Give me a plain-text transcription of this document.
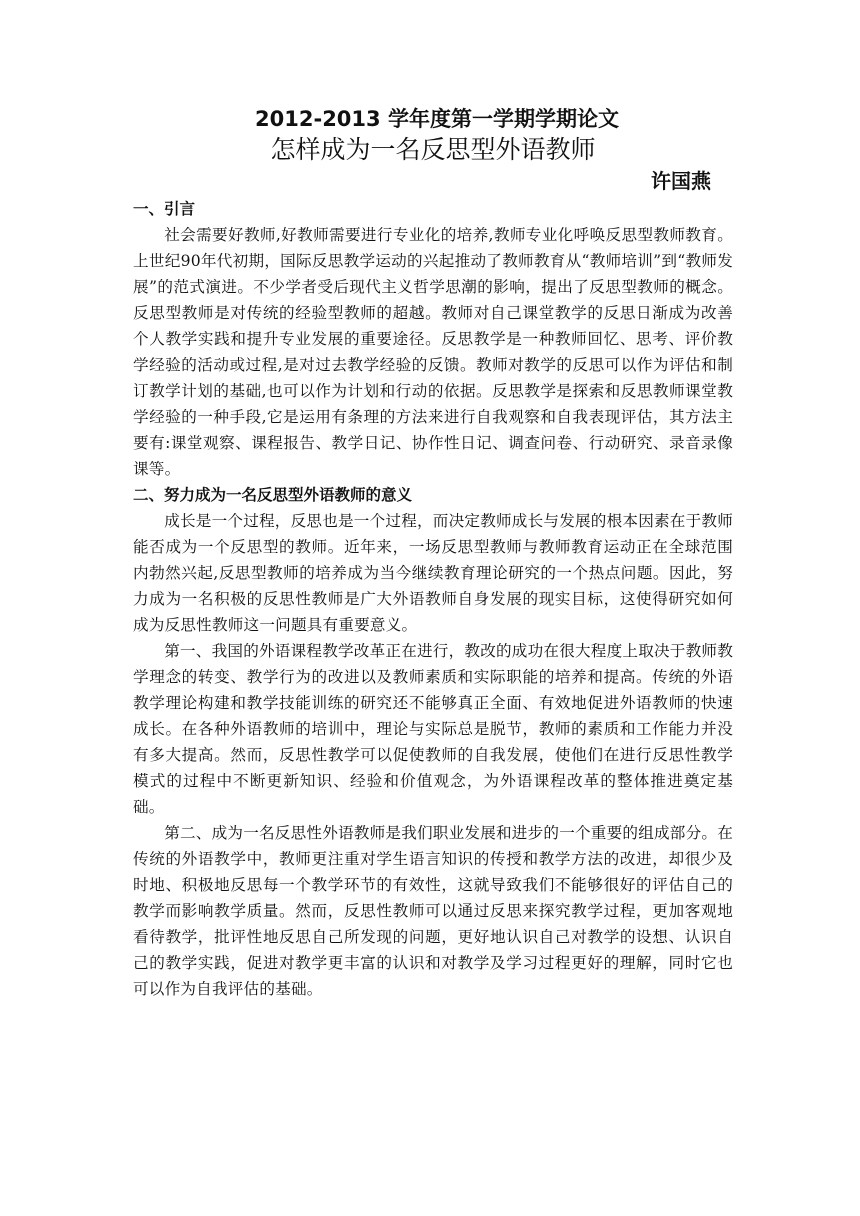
2012-2013 学年度第一学期学期论文

怎样成为一名反思型外语教师

许国燕

一、引言

社会需要好教师,好教师需要进行专业化的培养,教师专业化呼唤反思型教师教育。上世纪90年代初期，国际反思教学运动的兴起推动了教师教育从“教师培训”到“教师发展”的范式演进。不少学者受后现代主义哲学思潮的影响，提出了反思型教师的概念。反思型教师是对传统的经验型教师的超越。教师对自己课堂教学的反思日渐成为改善个人教学实践和提升专业发展的重要途径。反思教学是一种教师回忆、思考、评价教学经验的活动或过程,是对过去教学经验的反馈。教师对教学的反思可以作为评估和制订教学计划的基础,也可以作为计划和行动的依据。反思教学是探索和反思教师课堂教学经验的一种手段,它是运用有条理的方法来进行自我观察和自我表现评估，其方法主要有:课堂观察、课程报告、教学日记、协作性日记、调查问卷、行动研究、录音录像课等。

二、努力成为一名反思型外语教师的意义

成长是一个过程，反思也是一个过程，而决定教师成长与发展的根本因素在于教师能否成为一个反思型的教师。近年来，一场反思型教师与教师教育运动正在全球范围内勃然兴起,反思型教师的培养成为当今继续教育理论研究的一个热点问题。因此，努力成为一名积极的反思性教师是广大外语教师自身发展的现实目标，这使得研究如何成为反思性教师这一问题具有重要意义。

第一、我国的外语课程教学改革正在进行，教改的成功在很大程度上取决于教师教学理念的转变、教学行为的改进以及教师素质和实际职能的培养和提高。传统的外语教学理论构建和教学技能训练的研究还不能够真正全面、有效地促进外语教师的快速成长。在各种外语教师的培训中，理论与实际总是脱节，教师的素质和工作能力并没有多大提高。然而，反思性教学可以促使教师的自我发展，使他们在进行反思性教学模式的过程中不断更新知识、经验和价值观念，为外语课程改革的整体推进奠定基础。

第二、成为一名反思性外语教师是我们职业发展和进步的一个重要的组成部分。在传统的外语教学中，教师更注重对学生语言知识的传授和教学方法的改进，却很少及时地、积极地反思每一个教学环节的有效性，这就导致我们不能够很好的评估自己的教学而影响教学质量。然而，反思性教师可以通过反思来探究教学过程，更加客观地看待教学，批评性地反思自己所发现的问题，更好地认识自己对教学的设想、认识自己的教学实践，促进对教学更丰富的认识和对教学及学习过程更好的理解，同时它也可以作为自我评估的基础。
